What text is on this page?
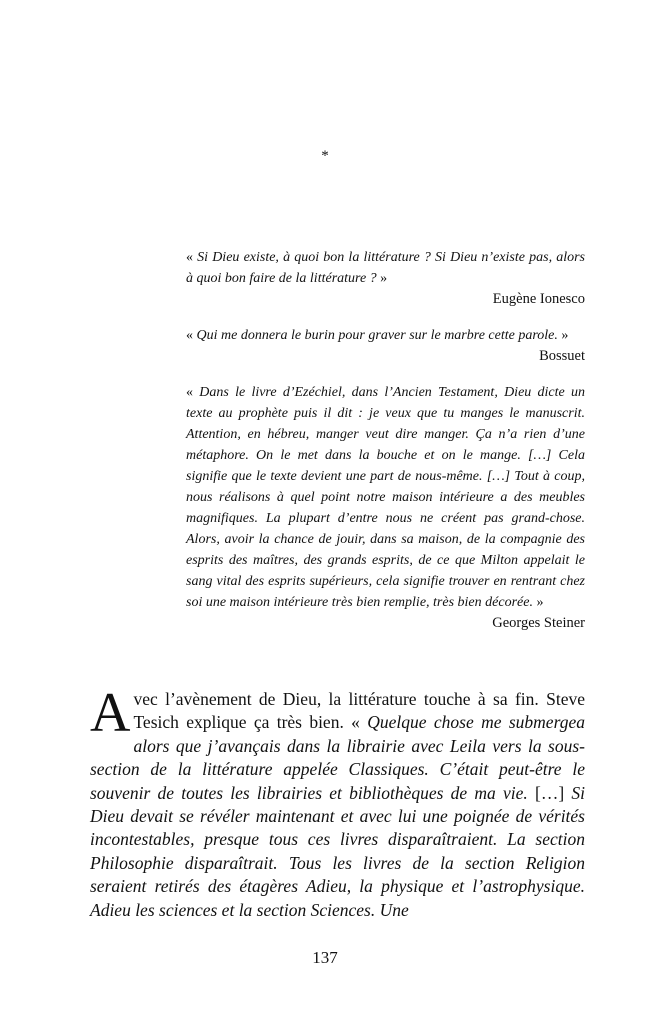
*

« Si Dieu existe, à quoi bon la littérature ? Si Dieu n’existe pas, alors à quoi bon faire de la littérature ? »

Eugène Ionesco

« Qui me donnera le burin pour graver sur le marbre cette parole. »

Bossuet

« Dans le livre d’Ezéchiel, dans l’Ancien Testament, Dieu dicte un texte au prophète puis il dit : je veux que tu manges le manuscrit. Attention, en hébreu, manger veut dire manger. Ça n’a rien d’une métaphore. On le met dans la bouche et on le mange. […] Cela signifie que le texte devient une part de nous-même. […] Tout à coup, nous réalisons à quel point notre maison intérieure a des meubles magnifiques. La plupart d’entre nous ne créent pas grand-chose. Alors, avoir la chance de jouir, dans sa maison, de la compagnie des esprits des maîtres, des grands esprits, de ce que Milton appelait le sang vital des esprits supérieurs, cela signifie trouver en rentrant chez soi une maison intérieure très bien remplie, très bien décorée. »

Georges Steiner

Avec l’avènement de Dieu, la littérature touche à sa fin. Steve Tesich explique ça très bien. « Quelque chose me submergea alors que j’avançais dans la librairie avec Leila vers la sous-section de la littérature appelée Classiques. C’était peut-être le souvenir de toutes les librairies et bibliothèques de ma vie. […] Si Dieu devait se révéler maintenant et avec lui une poignée de vérités incontestables, presque tous ces livres disparaîtraient. La section Philosophie disparaîtrait. Tous les livres de la section Religion seraient retirés des étagères Adieu, la physique et l’astrophysique. Adieu les sciences et la section Sciences. Une

137
